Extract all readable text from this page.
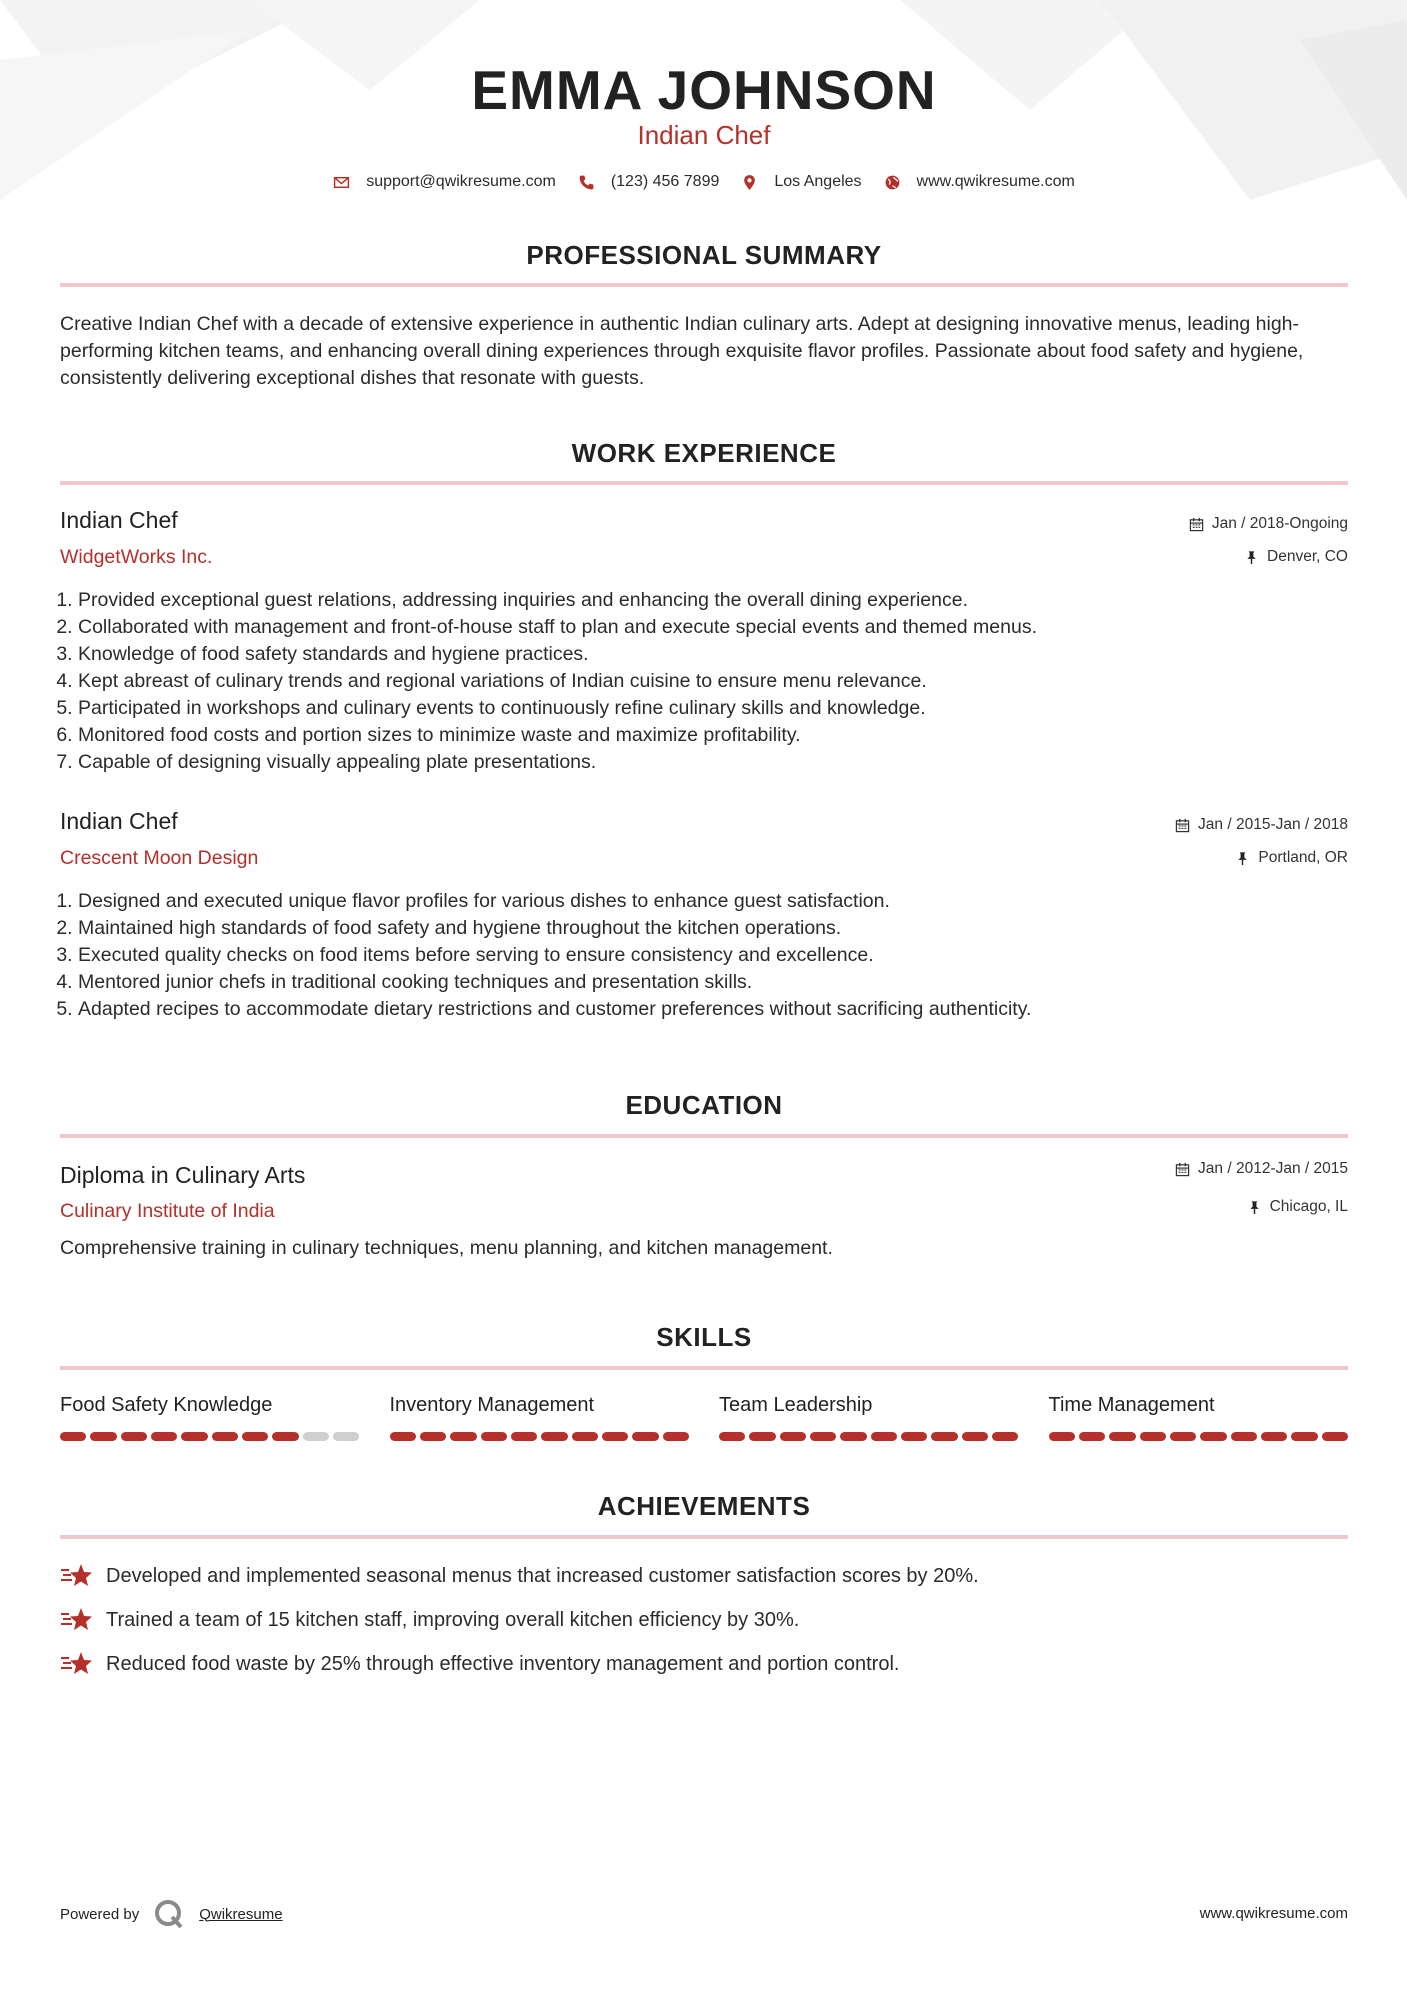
EMMA JOHNSON
Indian Chef
support@qwikresume.com	(123) 456 7899	Los Angeles	www.qwikresume.com
PROFESSIONAL SUMMARY
Creative Indian Chef with a decade of extensive experience in authentic Indian culinary arts. Adept at designing innovative menus, leading high-performing kitchen teams, and enhancing overall dining experiences through exquisite flavor profiles. Passionate about food safety and hygiene, consistently delivering exceptional dishes that resonate with guests.
WORK EXPERIENCE
Indian Chef
WidgetWorks Inc.
Jan / 2018-Ongoing
Denver, CO
1. Provided exceptional guest relations, addressing inquiries and enhancing the overall dining experience.
2. Collaborated with management and front-of-house staff to plan and execute special events and themed menus.
3. Knowledge of food safety standards and hygiene practices.
4. Kept abreast of culinary trends and regional variations of Indian cuisine to ensure menu relevance.
5. Participated in workshops and culinary events to continuously refine culinary skills and knowledge.
6. Monitored food costs and portion sizes to minimize waste and maximize profitability.
7. Capable of designing visually appealing plate presentations.
Indian Chef
Crescent Moon Design
Jan / 2015-Jan / 2018
Portland, OR
1. Designed and executed unique flavor profiles for various dishes to enhance guest satisfaction.
2. Maintained high standards of food safety and hygiene throughout the kitchen operations.
3. Executed quality checks on food items before serving to ensure consistency and excellence.
4. Mentored junior chefs in traditional cooking techniques and presentation skills.
5. Adapted recipes to accommodate dietary restrictions and customer preferences without sacrificing authenticity.
EDUCATION
Diploma in Culinary Arts
Culinary Institute of India
Jan / 2012-Jan / 2015
Chicago, IL
Comprehensive training in culinary techniques, menu planning, and kitchen management.
SKILLS
Food Safety Knowledge	Inventory Management	Team Leadership	Time Management
ACHIEVEMENTS
Developed and implemented seasonal menus that increased customer satisfaction scores by 20%.
Trained a team of 15 kitchen staff, improving overall kitchen efficiency by 30%.
Reduced food waste by 25% through effective inventory management and portion control.
Powered by	Qwikresume	www.qwikresume.com
